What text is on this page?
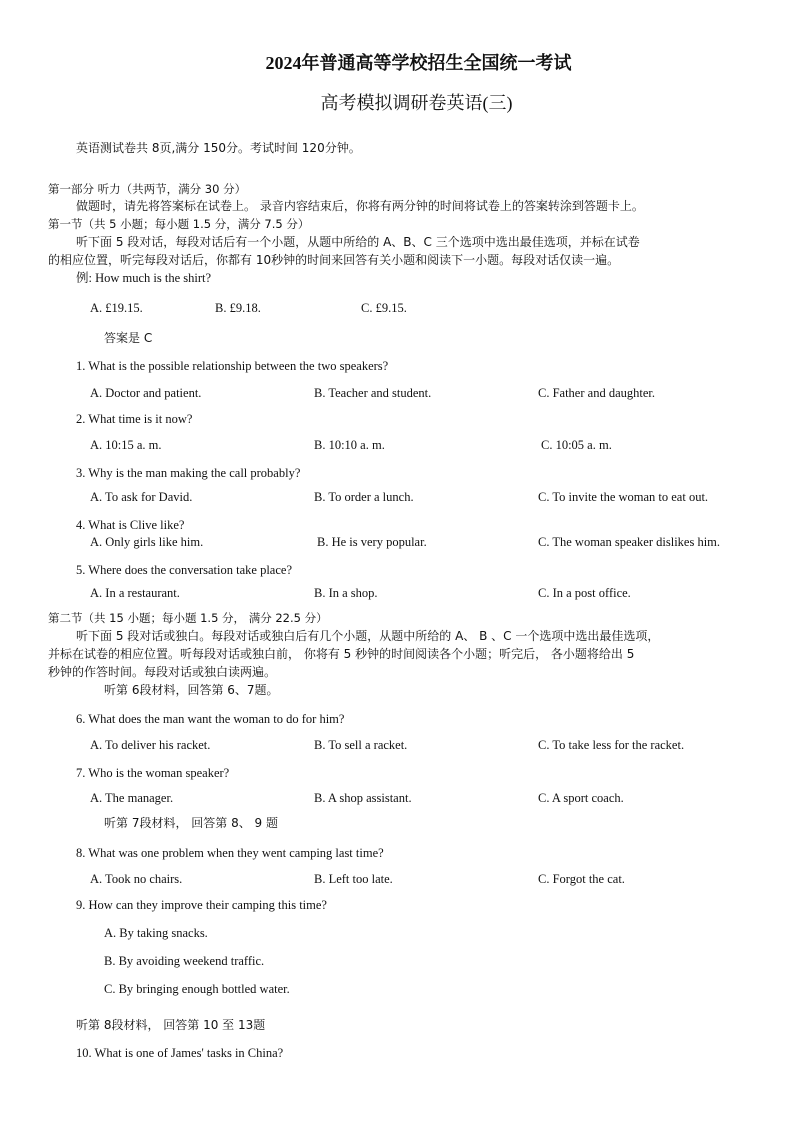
2024年普通高等学校招生全国统一考试
高考模拟调研卷英语(三)
英语测试卷共 8页,满分 150分。考试时间 120分钟。
第一部分 听力（共两节，满分 30 分）
做题时，请先将答案标在试卷上。 录音内容结束后，你将有两分钟的时间将试卷上的答案转涂到答题卡上。
第一节（共 5 小题；每小题 1.5 分，满分 7.5 分）
听下面 5 段对话，每段对话后有一个小题，从题中所给的 A、B、C 三个选项中选出最佳选项，并标在试卷
的相应位置，听完每段对话后，你都有 10秒钟的时间来回答有关小题和阅读下一小题。每段对话仅读一遍。
例: How much is the shirt?
A. £19.15.	B. £9.18.	C. £9.15.
答案是 C
1. What is the possible relationship between the two speakers?
A. Doctor and patient.	B. Teacher and student.	C. Father and daughter.
2. What time is it now?
A. 10:15 a. m.	B. 10:10 a. m.	C. 10:05 a. m.
3. Why is the man making the call probably?
A. To ask for David.	B. To order a lunch.	C. To invite the woman to eat out.
4. What is Clive like?
A. Only girls like him.	B. He is very popular.	C. The woman speaker dislikes him.
5. Where does the conversation take place?
A. In a restaurant.	B. In a shop.	C. In a post office.
第二节（共 15 小题；每小题 1.5 分， 满分 22.5 分）
听下面 5 段对话或独白。每段对话或独白后有几个小题，从题中所给的 A、 B 、C 一个选项中选出最佳选项，
并标在试卷的相应位置。听每段对话或独白前， 你将有 5 秒钟的时间阅读各个小题；听完后， 各小题将给出 5
秒钟的作答时间。每段对话或独白读两遍。
听第 6段材料，回答第 6、7题。
6. What does the man want the woman to do for him?
A. To deliver his racket.	B. To sell a racket.	C. To take less for the racket.
7. Who is the woman speaker?
A. The manager.	B. A shop assistant.	C. A sport coach.
听第 7段材料， 回答第 8、 9 题
8. What was one problem when they went camping last time?
A. Took no chairs.	B. Left too late.	C. Forgot the cat.
9. How can they improve their camping this time?
A. By taking snacks.
B. By avoiding weekend traffic.
C. By bringing enough bottled water.
听第 8段材料， 回答第 10 至 13题
10. What is one of James' tasks in China?
